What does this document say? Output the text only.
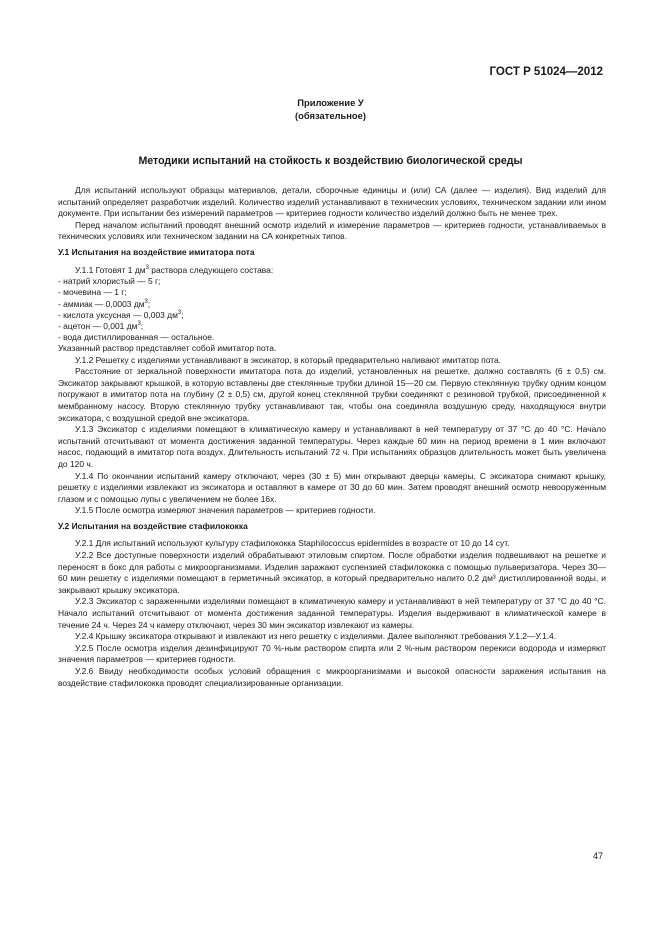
ГОСТ Р 51024—2012
Приложение У
(обязательное)
Методики испытаний на стойкость к воздействию биологической среды

Для испытаний используют образцы материалов, детали, сборочные единицы и (или) СА (далее — изделия). Вид изделий для испытаний определяет разработчик изделий. Количество изделий устанавливают в технических условиях, техническом задании или ином документе. При испытании без измерений параметров — критериев годности количество изделий должно быть не менее трех.

Перед началом испытаний проводят внешний осмотр изделий и измерение параметров — критериев годности, устанавливаемых в технических условиях или техническом задании на СА конкретных типов.

У.1 Испытания на воздействие имитатора пота

У.1.1 Готовят 1 $дм^3$ раствора следующего состава:

- натрий хлористый — 5 г;

- мочевина — 1 г;

- аммиак — 0,0003 $дм^3$;

- кислота уксусная — 0,003 $дм^3$;

- ацетон — 0,001 $дм^3$;

- вода дистиллированная — остальное.

Указанный раствор представляет собой имитатор пота.

У.1.2 Решетку с изделиями устанавливают в эксикатор, в который предварительно наливают имитатор пота.

Расстояние от зеркальной поверхности имитатора пота до изделий, установленных на решетке, должно составлять (6 ± 0,5) см. Эксикатор закрывают крышкой, в которую вставлены две стеклянные трубки длиной 15—20 см. Первую стеклянную трубку одним концом погружают в имитатор пота на глубину (2 ± 0,5) см, другой конец стеклянной трубки соединяют с резиновой трубкой, присоединенной к мембранному насосу. Вторую стеклянную трубку устанавливают так, чтобы она соединяла воздушную среду, находящуюся внутри эксикатора, с воздушной средой вне эксикатора.

У.1.3 Эксикатор с изделиями помещают в климатическую камеру и устанавливают в ней температуру от 37 °С до 40 °С. Начало испытаний отсчитывают от момента достижения заданной температуры. Через каждые 60 мин на период времени в 1 мин включают насос, подающий в имитатор пота воздух. Длительность испытаний 72 ч. При испытаниях образцов длительность может быть увеличена до 120 ч.

У.1.4 По окончании испытаний камеру отключают, через (30 ± 5) мин открывают дверцы камеры. С эксикатора снимают крышку, решетку с изделиями извлекают из эксикатора и оставляют в камере от 30 до 60 мин. Затем проводят внешний осмотр невооруженным глазом и с помощью лупы с увеличением не более 16х.

У.1.5 После осмотра измеряют значения параметров — критериев годности.

У.2 Испытания на воздействие стафилококка

У.2.1 Для испытаний используют культуру стафилококка Staphilococcus epidermides в возрасте от 10 до 14 сут.

У.2.2 Все доступные поверхности изделий обрабатывают этиловым спиртом. После обработки изделия подвешивают на решетке и переносят в бокс для работы с микроорганизмами. Изделия заражают суспензией стафилококка с помощью пульверизатора. Через 30—60 мин решетку с изделиями помещают в герметичный эксикатор, в который предварительно налито 0,2 дм³ дистиллированной воды, и закрывают крышку эксикатора.

У.2.3 Эксикатор с зараженными изделиями помещают в климатичекую камеру и устанавливают в ней температуру от 37 °С до 40 °С. Начало испытаний отсчитывают от момента достижения заданной температуры. Изделия выдерживают в климатической камере в течение 24 ч. Через 24 ч камеру отключают, через 30 мин эксикатор извлекают из камеры.

У.2.4 Крышку эксикатора открывают и извлекают из него решетку с изделиями. Далее выполняют требования У.1.2—У.1.4.

У.2.5 После осмотра изделия дезинфицируют 70 %-ным раствором спирта или 2 %-ным раствором перекиси водорода и измеряют значения параметров — критериев годности.

У.2.6 Ввиду необходимости особых условий обращения с микроорганизмами и высокой опасности заражения испытания на воздействие стафилококка проводят специализированные организации.

47
